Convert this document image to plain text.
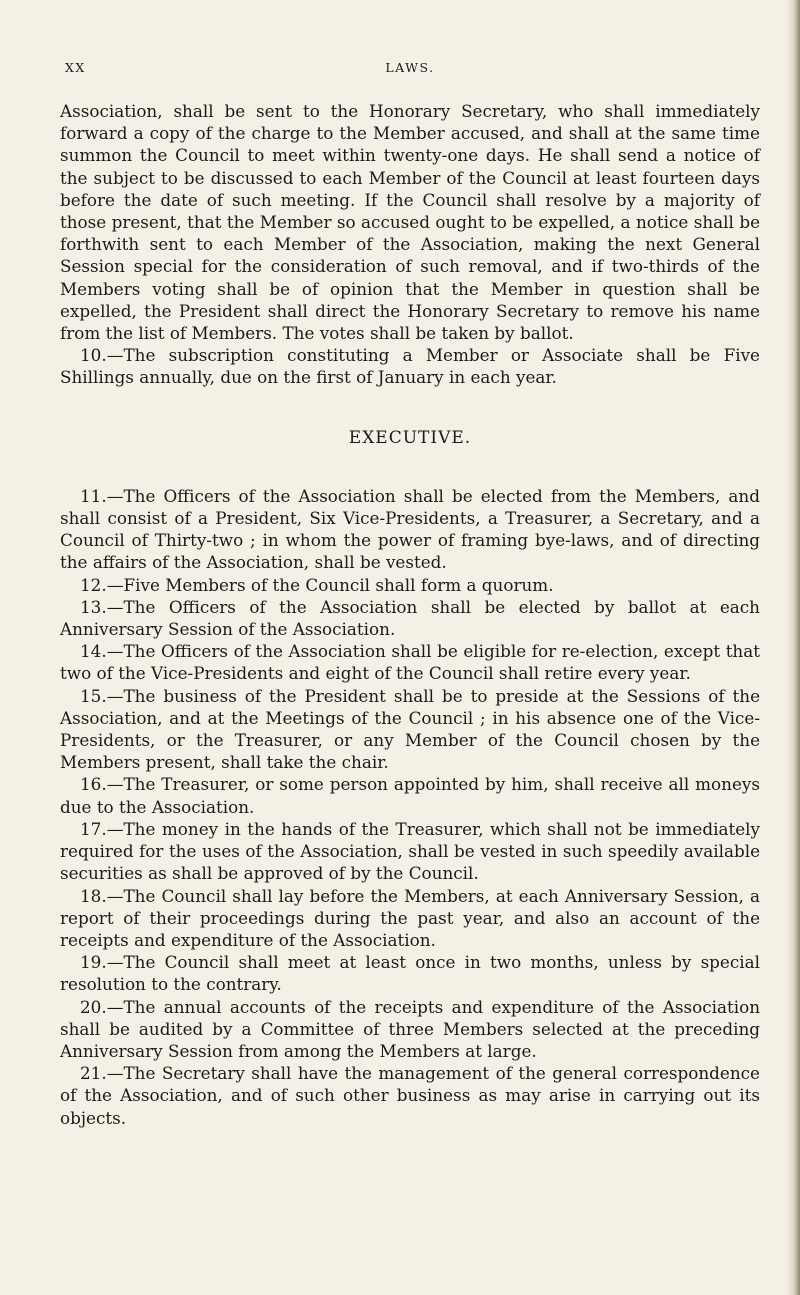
XX	LAWS.

Association, shall be sent to the Honorary Secretary, who shall immediately forward a copy of the charge to the Member accused, and shall at the same time summon the Council to meet within twenty-one days. He shall send a notice of the subject to be discussed to each Member of the Council at least fourteen days before the date of such meeting. If the Council shall resolve by a majority of those present, that the Member so accused ought to be expelled, a notice shall be forthwith sent to each Member of the Association, making the next General Session special for the consideration of such removal, and if two-thirds of the Members voting shall be of opinion that the Member in question shall be expelled, the President shall direct the Honorary Secretary to remove his name from the list of Members. The votes shall be taken by ballot.

10.—The subscription constituting a Member or Associate shall be Five Shillings annually, due on the first of January in each year.

EXECUTIVE.

11.—The Officers of the Association shall be elected from the Members, and shall consist of a President, Six Vice-Presidents, a Treasurer, a Secretary, and a Council of Thirty-two ; in whom the power of framing bye-laws, and of directing the affairs of the Association, shall be vested.

12.—Five Members of the Council shall form a quorum.

13.—The Officers of the Association shall be elected by ballot at each Anniversary Session of the Association.

14.—The Officers of the Association shall be eligible for re-election, except that two of the Vice-Presidents and eight of the Council shall retire every year.

15.—The business of the President shall be to preside at the Sessions of the Association, and at the Meetings of the Council ; in his absence one of the Vice-Presidents, or the Treasurer, or any Member of the Council chosen by the Members present, shall take the chair.

16.—The Treasurer, or some person appointed by him, shall receive all moneys due to the Association.

17.—The money in the hands of the Treasurer, which shall not be immediately required for the uses of the Association, shall be vested in such speedily available securities as shall be approved of by the Council.

18.—The Council shall lay before the Members, at each Anniversary Session, a report of their proceedings during the past year, and also an account of the receipts and expenditure of the Association.

19.—The Council shall meet at least once in two months, unless by special resolution to the contrary.

20.—The annual accounts of the receipts and expenditure of the Association shall be audited by a Committee of three Members selected at the preceding Anniversary Session from among the Members at large.

21.—The Secretary shall have the management of the general correspondence of the Association, and of such other business as may arise in carrying out its objects.
